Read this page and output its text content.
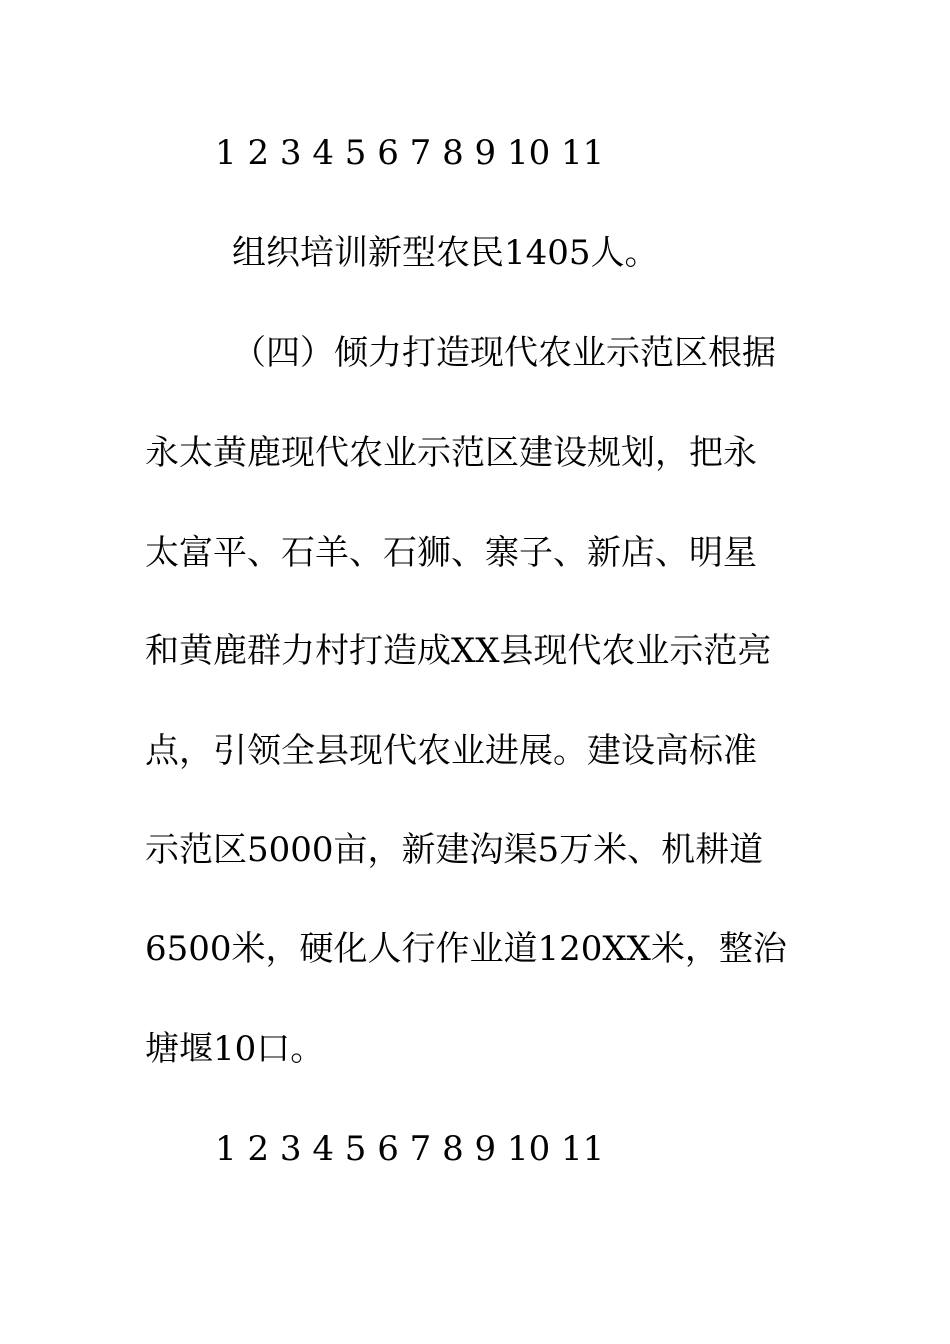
1 2 3 4 5 6 7 8 9 10 11
组织培训新型农民1405人。
（四）倾力打造现代农业示范区根据
永太黄鹿现代农业示范区建设规划，把永
太富平、石羊、石狮、寨子、新店、明星
和黄鹿群力村打造成XX县现代农业示范亮
点，引领全县现代农业进展。建设高标准
示范区5000亩，新建沟渠5万米、机耕道
6500米，硬化人行作业道120XX米，整治
塘堰10口。
1 2 3 4 5 6 7 8 9 10 11
